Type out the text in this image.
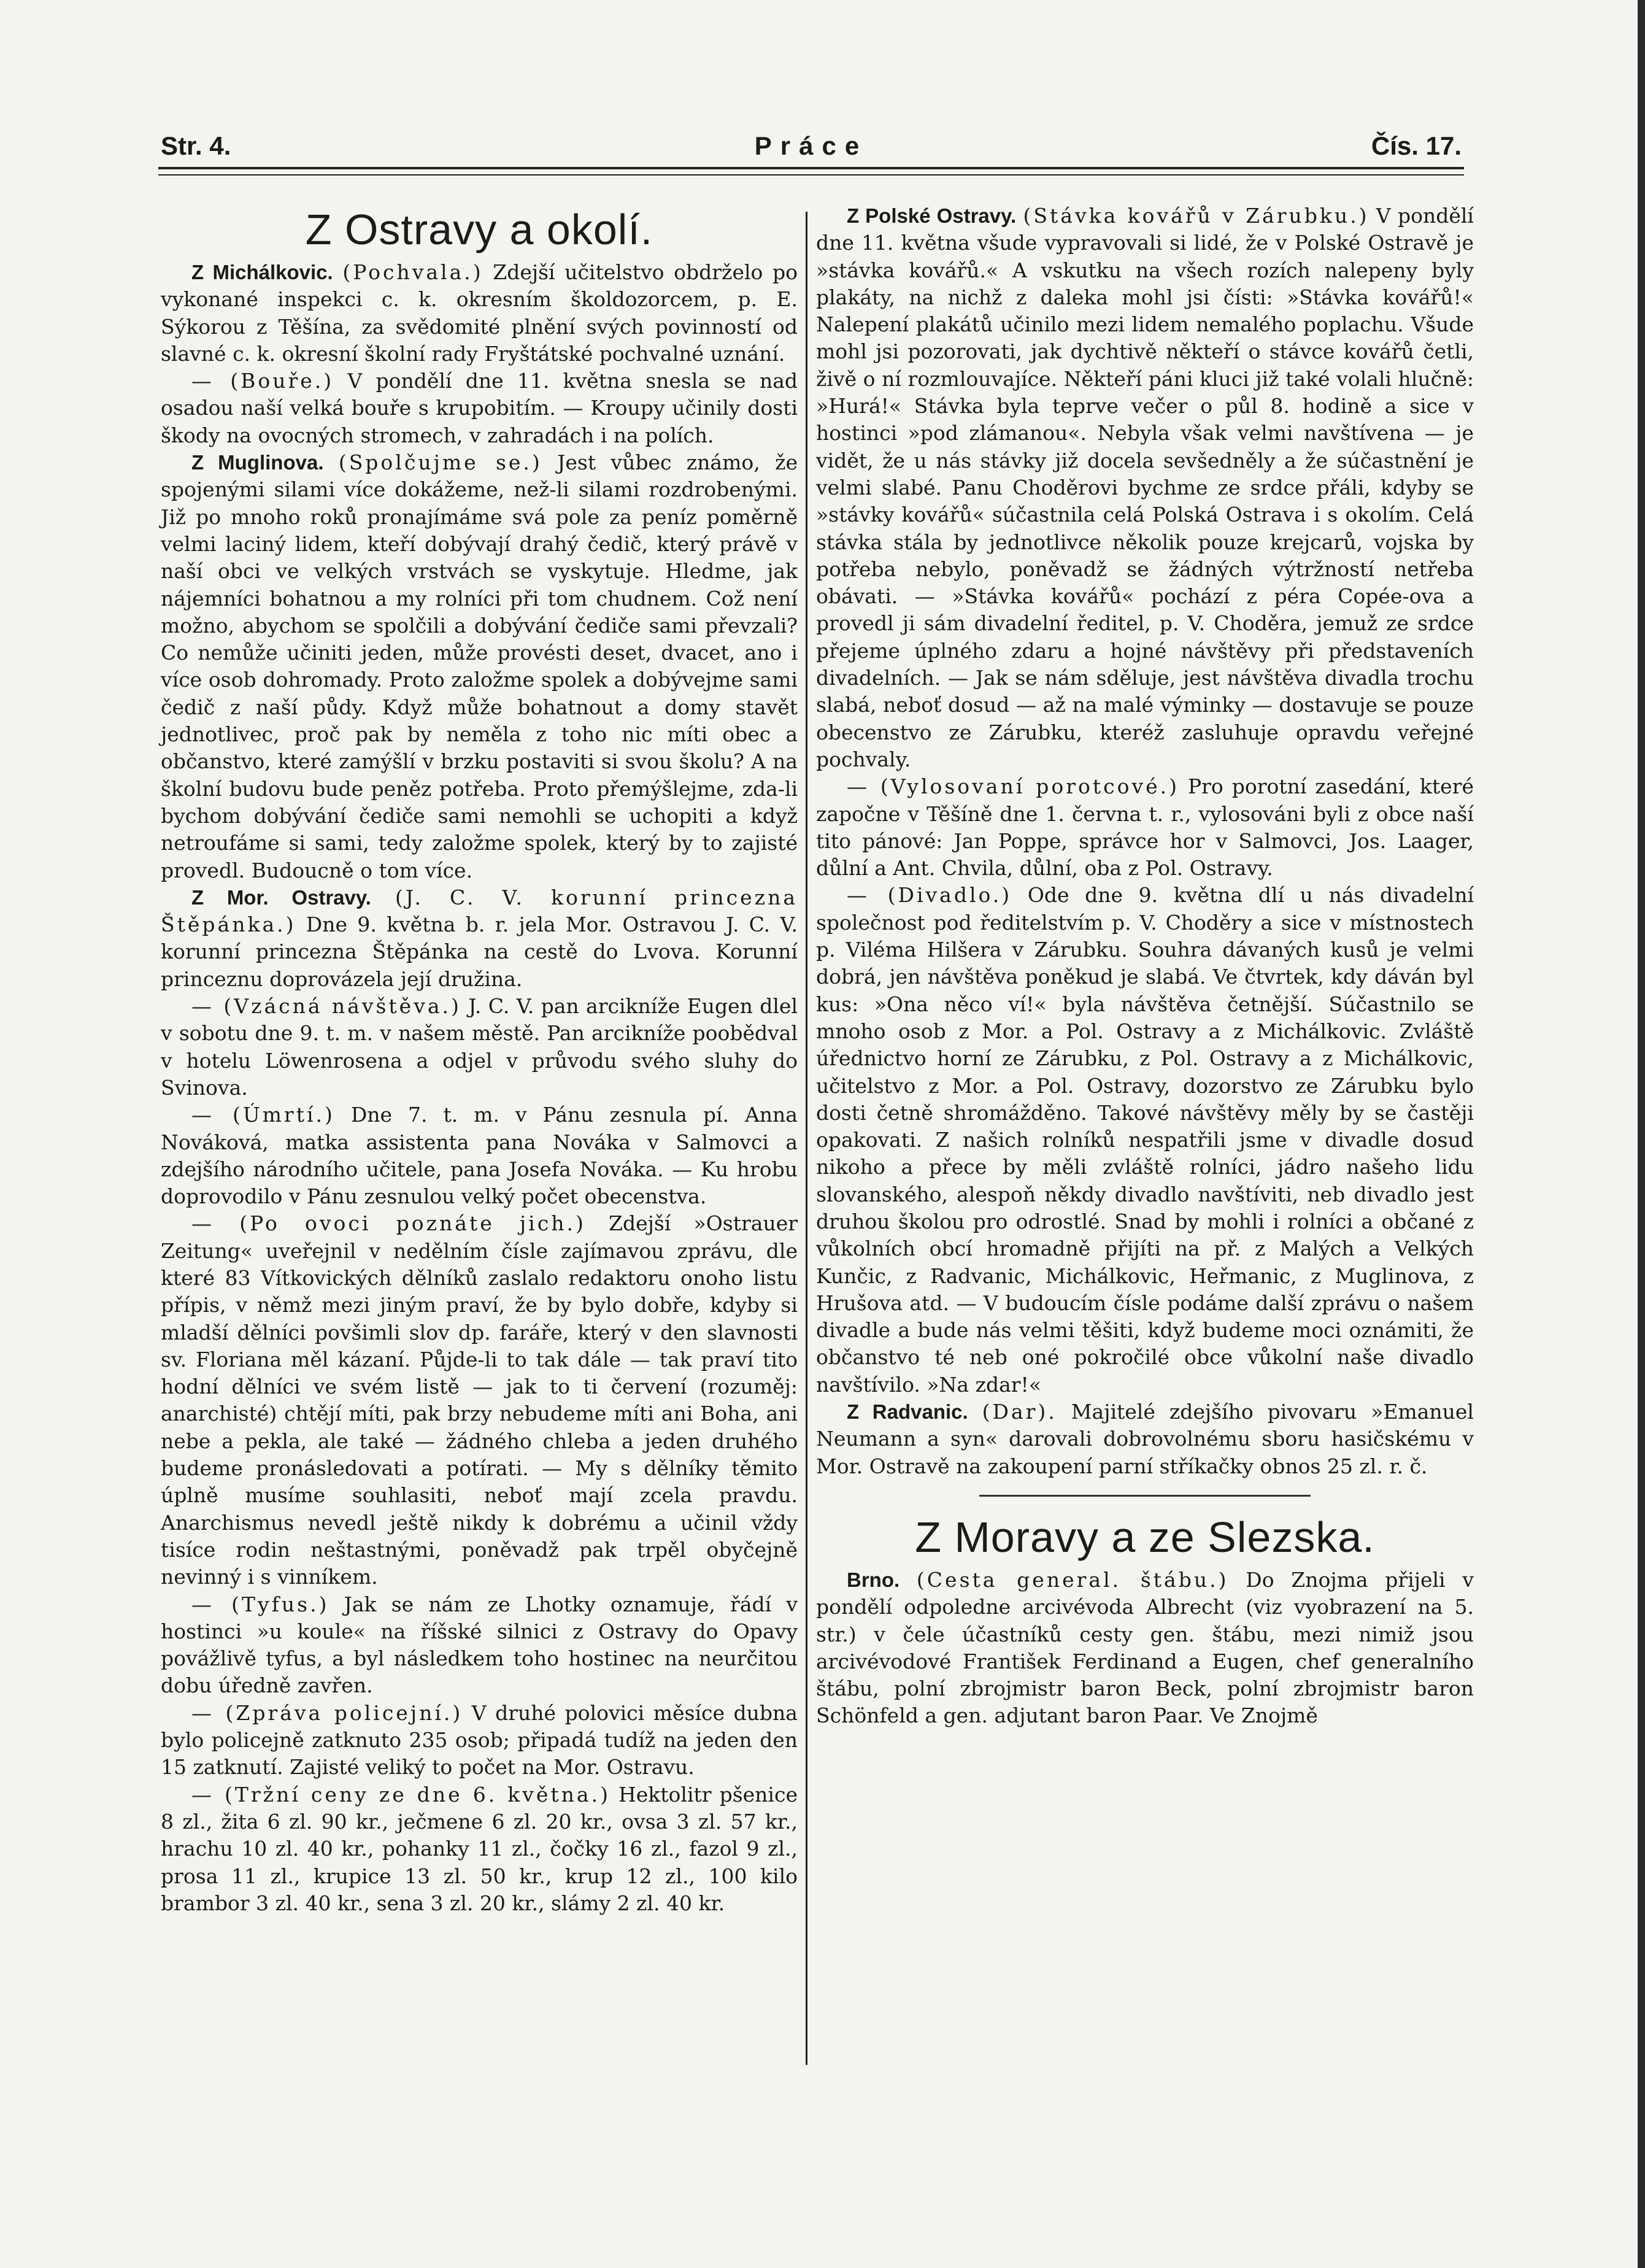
Str. 4.	Práce	Čís. 17.
Z Ostravy a okolí.

Z Michálkovic. (Pochvala.) Zdejší učitelstvo obdrželo po vykonané inspekci c. k. okresním školdozorcem, p. E. Sýkorou z Těšína, za svědomité plnění svých povinností od slavné c. k. okresní školní rady Fryštátské pochvalné uznání.

— (Bouře.) V pondělí dne 11. května snesla se nad osadou naší velká bouře s krupobitím. — Kroupy učinily dosti škody na ovocných stromech, v zahradách i na polích.

Z Muglinova. (Spolčujme se.) Jest vůbec známo, že spojenými silami více dokážeme, než-li silami rozdrobenými. Již po mnoho roků pronajímáme svá pole za peníz poměrně velmi laciný lidem, kteří dobývají drahý čedič, který právě v naší obci ve velkých vrstvách se vyskytuje. Hledme, jak nájemníci bohatnou a my rolníci při tom chudnem. Což není možno, abychom se spolčili a dobývání čediče sami převzali? Co nemůže učiniti jeden, může provésti deset, dvacet, ano i více osob dohromady. Proto založme spolek a dobývejme sami čedič z naší půdy. Když může bohatnout a domy stavět jednotlivec, proč pak by neměla z toho nic míti obec a občanstvo, které zamýšlí v brzku postaviti si svou školu? A na školní budovu bude peněz potřeba. Proto přemýšlejme, zda-li bychom dobývání čediče sami nemohli se uchopiti a když netroufáme si sami, tedy založme spolek, který by to zajisté provedl. Budoucně o tom více.

Z Mor. Ostravy. (J. C. V. korunní princezna Štěpánka.) Dne 9. května b. r. jela Mor. Ostravou J. C. V. korunní princezna Štěpánka na cestě do Lvova. Korunní princeznu doprovázela její družina.

— (Vzácná návštěva.) J. C. V. pan arcikníže Eugen dlel v sobotu dne 9. t. m. v našem městě. Pan arcikníže poobědval v hotelu Löwenrosena a odjel v průvodu svého sluhy do Svinova.

— (Úmrtí.) Dne 7. t. m. v Pánu zesnula pí. Anna Nováková, matka assistenta pana Nováka v Salmovci a zdejšího národního učitele, pana Josefa Nováka. — Ku hrobu doprovodilo v Pánu zesnulou velký počet obecenstva.

— (Po ovoci poznáte jich.) Zdejší »Ostrauer Zeitung« uveřejnil v nedělním čísle zajímavou zprávu, dle které 83 Vítkovických dělníků zaslalo redaktoru onoho listu přípis, v němž mezi jiným praví, že by bylo dobře, kdyby si mladší dělníci povšimli slov dp. faráře, který v den slavnosti sv. Floriana měl kázaní. Půjde-li to tak dále — tak praví tito hodní dělníci ve svém listě — jak to ti červení (rozuměj: anarchisté) chtějí míti, pak brzy nebudeme míti ani Boha, ani nebe a pekla, ale také — žádného chleba a jeden druhého budeme pronásledovati a potírati. — My s dělníky těmito úplně musíme souhlasiti, neboť mají zcela pravdu. Anarchismus nevedl ještě nikdy k dobrému a učinil vždy tisíce rodin neštastnými, poněvadž pak trpěl obyčejně nevinný i s vinníkem.

— (Tyfus.) Jak se nám ze Lhotky oznamuje, řádí v hostinci »u koule« na říšské silnici z Ostravy do Opavy povážlivě tyfus, a byl následkem toho hostinec na neurčitou dobu úředně zavřen.

— (Zpráva policejní.) V druhé polovici měsíce dubna bylo policejně zatknuto 235 osob; připadá tudíž na jeden den 15 zatknutí. Zajisté veliký to počet na Mor. Ostravu.

— (Tržní ceny ze dne 6. května.) Hektolitr pšenice 8 zl., žita 6 zl. 90 kr., ječmene 6 zl. 20 kr., ovsa 3 zl. 57 kr., hrachu 10 zl. 40 kr., pohanky 11 zl., čočky 16 zl., fazol 9 zl., prosa 11 zl., krupice 13 zl. 50 kr., krup 12 zl., 100 kilo brambor 3 zl. 40 kr., sena 3 zl. 20 kr., slámy 2 zl. 40 kr.

Z Polské Ostravy. (Stávka kovářů v Zárubku.) V pondělí dne 11. května všude vypravovali si lidé, že v Polské Ostravě je »stávka kovářů.« A vskutku na všech rozích nalepeny byly plakáty, na nichž z daleka mohl jsi čísti: »Stávka kovářů!« Nalepení plakátů učinilo mezi lidem nemalého poplachu. Všude mohl jsi pozorovati, jak dychtivě někteří o stávce kovářů četli, živě o ní rozmlouvajíce. Někteří páni kluci již také volali hlučně: »Hurá!« Stávka byla teprve večer o půl 8. hodině a sice v hostinci »pod zlámanou«. Nebyla však velmi navštívena — je vidět, že u nás stávky již docela sevšedněly a že súčastnění je velmi slabé. Panu Choděrovi bychme ze srdce přáli, kdyby se »stávky kovářů« súčastnila celá Polská Ostrava i s okolím. Celá stávka stála by jednotlivce několik pouze krejcarů, vojska by potřeba nebylo, poněvadž se žádných výtržností netřeba obávati. — »Stávka kovářů« pochází z péra Copée-ova a provedl ji sám divadelní ředitel, p. V. Choděra, jemuž ze srdce přejeme úplného zdaru a hojné návštěvy při představeních divadelních. — Jak se nám sděluje, jest návštěva divadla trochu slabá, neboť dosud — až na malé výminky — dostavuje se pouze obecenstvo ze Zárubku, kteréž zasluhuje opravdu veřejné pochvaly.

— (Vylosovaní porotcové.) Pro porotní zasedání, které započne v Těšíně dne 1. června t. r., vylosováni byli z obce naší tito pánové: Jan Poppe, správce hor v Salmovci, Jos. Laager, důlní a Ant. Chvila, důlní, oba z Pol. Ostravy.

— (Divadlo.) Ode dne 9. května dlí u nás divadelní společnost pod ředitelstvím p. V. Choděry a sice v místnostech p. Viléma Hilšera v Zárubku. Souhra dávaných kusů je velmi dobrá, jen návštěva poněkud je slabá. Ve čtvrtek, kdy dáván byl kus: »Ona něco ví!« byla návštěva četnější. Súčastnilo se mnoho osob z Mor. a Pol. Ostravy a z Michálkovic. Zvláště úřednictvo horní ze Zárubku, z Pol. Ostravy a z Michálkovic, učitelstvo z Mor. a Pol. Ostravy, dozorstvo ze Zárubku bylo dosti četně shromážděno. Takové návštěvy měly by se častěji opakovati. Z našich rolníků nespatřili jsme v divadle dosud nikoho a přece by měli zvláště rolníci, jádro našeho lidu slovanského, alespoň někdy divadlo navštíviti, neb divadlo jest druhou školou pro odrostlé. Snad by mohli i rolníci a občané z vůkolních obcí hromadně přijíti na př. z Malých a Velkých Kunčic, z Radvanic, Michálkovic, Heřmanic, z Muglinova, z Hrušova atd. — V budoucím čísle podáme další zprávu o našem divadle a bude nás velmi těšiti, když budeme moci oznámiti, že občanstvo té neb oné pokročilé obce vůkolní naše divadlo navštívilo. »Na zdar!«

Z Radvanic. (Dar). Majitelé zdejšího pivovaru »Emanuel Neumann a syn« darovali dobrovolnému sboru hasičskému v Mor. Ostravě na zakoupení parní stříkačky obnos 25 zl. r. č.

Z Moravy a ze Slezska.

Brno. (Cesta general. štábu.) Do Znojma přijeli v pondělí odpoledne arcivévoda Albrecht (viz vyobrazení na 5. str.) v čele účastníků cesty gen. štábu, mezi nimiž jsou arcivévodové František Ferdinand a Eugen, chef generalního štábu, polní zbrojmistr baron Beck, polní zbrojmistr baron Schönfeld a gen. adjutant baron Paar. Ve Znojmě
